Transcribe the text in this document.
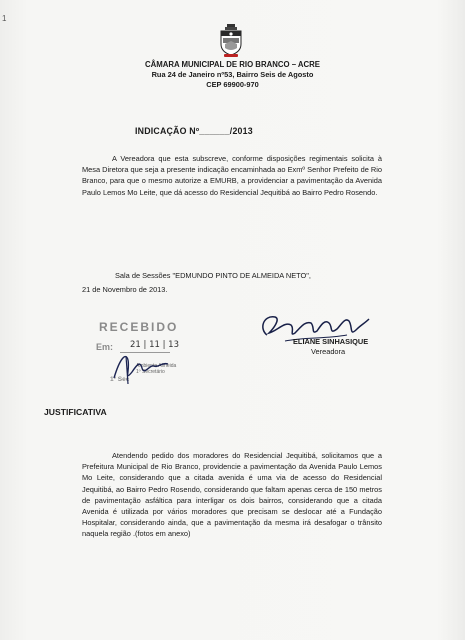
1
CÂMARA MUNICIPAL DE RIO BRANCO – ACRE
Rua 24 de Janeiro nº53, Bairro Seis de Agosto
CEP 69900-970
INDICAÇÃO Nº______/2013
A Vereadora que esta subscreve, conforme disposições regimentais solicita à Mesa Diretora que seja a presente indicação encaminhada ao Exmº Senhor Prefeito de Rio Branco, para que o mesmo autorize a EMURB, a providenciar a pavimentação da Avenida Paulo Lemos Mo Leite, que dá acesso do Residencial Jequitibá ao Bairro Pedro Rosendo.
Sala de Sessões "EDMUNDO PINTO DE ALMEIDA NETO",
21 de Novembro de 2013.
RECEBIDO
Em: 21 | 11 | 13
Ambiente Almeida
1º Secretário
1º Sec
ELIANE SINHASIQUE
Vereadora
JUSTIFICATIVA
Atendendo pedido dos moradores do Residencial Jequitibá, solicitamos que a Prefeitura Municipal de Rio Branco, providencie a pavimentação da Avenida Paulo Lemos Mo Leite, considerando que a citada avenida é uma via de acesso do Residencial Jequitibá, ao Bairro Pedro Rosendo, considerando que faltam apenas cerca de 150 metros de pavimentação asfáltica para interligar os dois bairros, considerando que a citada Avenida é utilizada por vários moradores que precisam se deslocar até a Fundação Hospitalar, considerando ainda, que a pavimentação da mesma irá desafogar o trânsito naquela região .(fotos em anexo)
